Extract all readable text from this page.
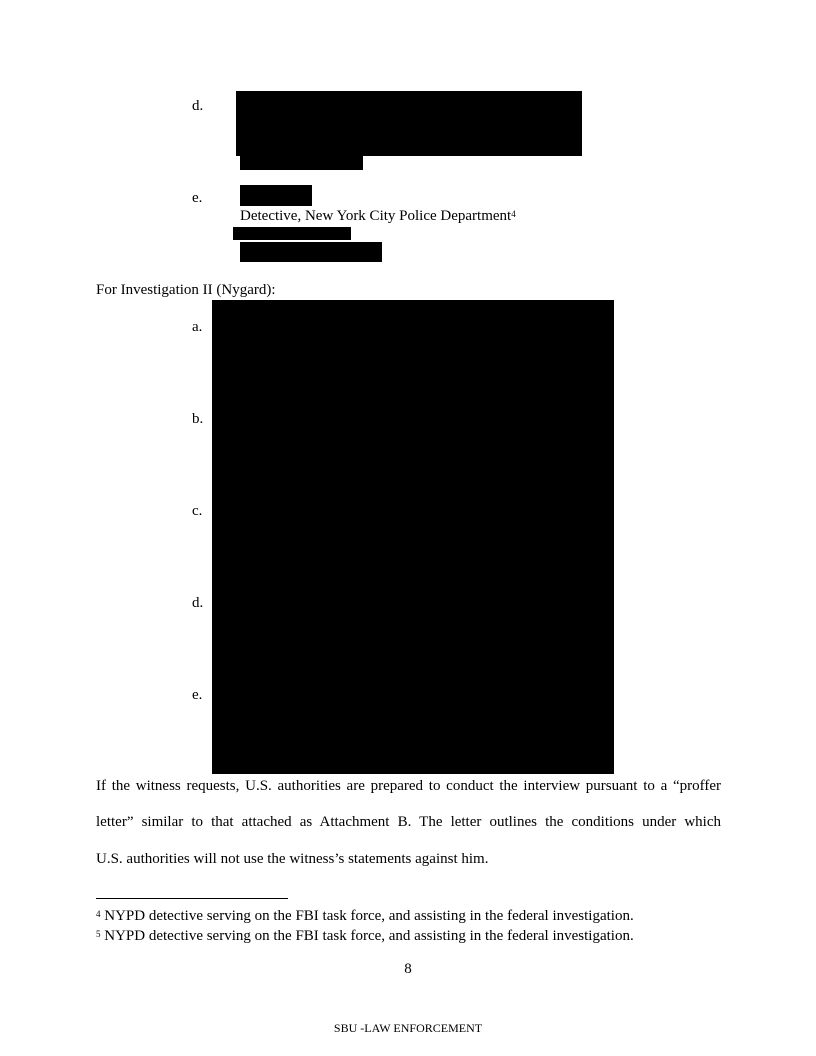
d.
e.
Detective, New York City Police Department$^4$
For Investigation II (Nygard):
a.
b.
c.
d.
e.
If the witness requests, U.S. authorities are prepared to conduct the interview pursuant to a “proffer
letter” similar to that attached as Attachment B. The letter outlines the conditions under which
U.S. authorities will not use the witness’s statements against him.
$^4$ NYPD detective serving on the FBI task force, and assisting in the federal investigation.
$^5$ NYPD detective serving on the FBI task force, and assisting in the federal investigation.
8
SBU -LAW ENFORCEMENT
